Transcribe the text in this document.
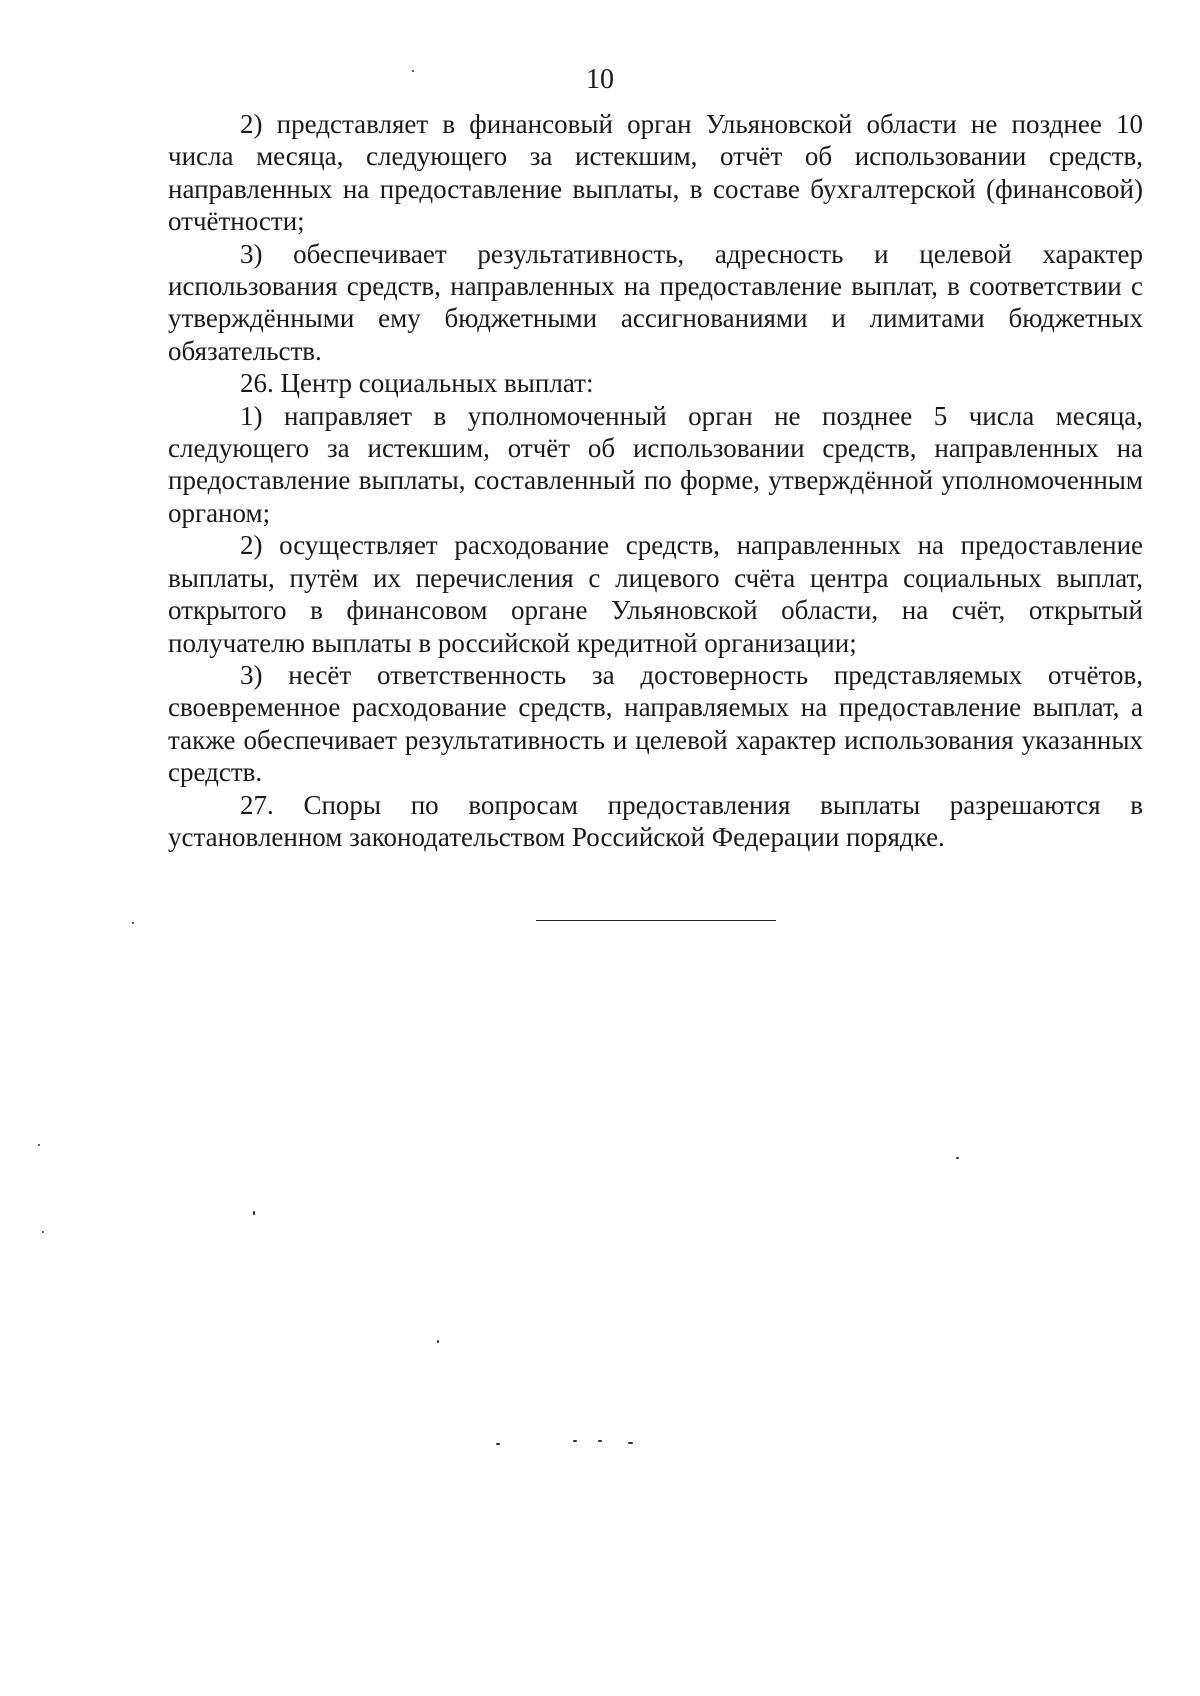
10

2) представляет в финансовый орган Ульяновской области не позднее 10 числа месяца, следующего за истекшим, отчёт об использовании средств, направленных на предоставление выплаты, в составе бухгалтерской (финансовой) отчётности;

3) обеспечивает результативность, адресность и целевой характер использования средств, направленных на предоставление выплат, в соответствии с утверждёнными ему бюджетными ассигнованиями и лимитами бюджетных обязательств.

26. Центр социальных выплат:

1) направляет в уполномоченный орган не позднее 5 числа месяца, следующего за истекшим, отчёт об использовании средств, направленных на предоставление выплаты, составленный по форме, утверждённой уполномоченным органом;

2) осуществляет расходование средств, направленных на предоставление выплаты, путём их перечисления с лицевого счёта центра социальных выплат, открытого в финансовом органе Ульяновской области, на счёт, открытый получателю выплаты в российской кредитной организации;

3) несёт ответственность за достоверность представляемых отчётов, своевременное расходование средств, направляемых на предоставление выплат, а также обеспечивает результативность и целевой характер использования указанных средств.

27. Споры по вопросам предоставления выплаты разрешаются в установленном законодательством Российской Федерации порядке.
